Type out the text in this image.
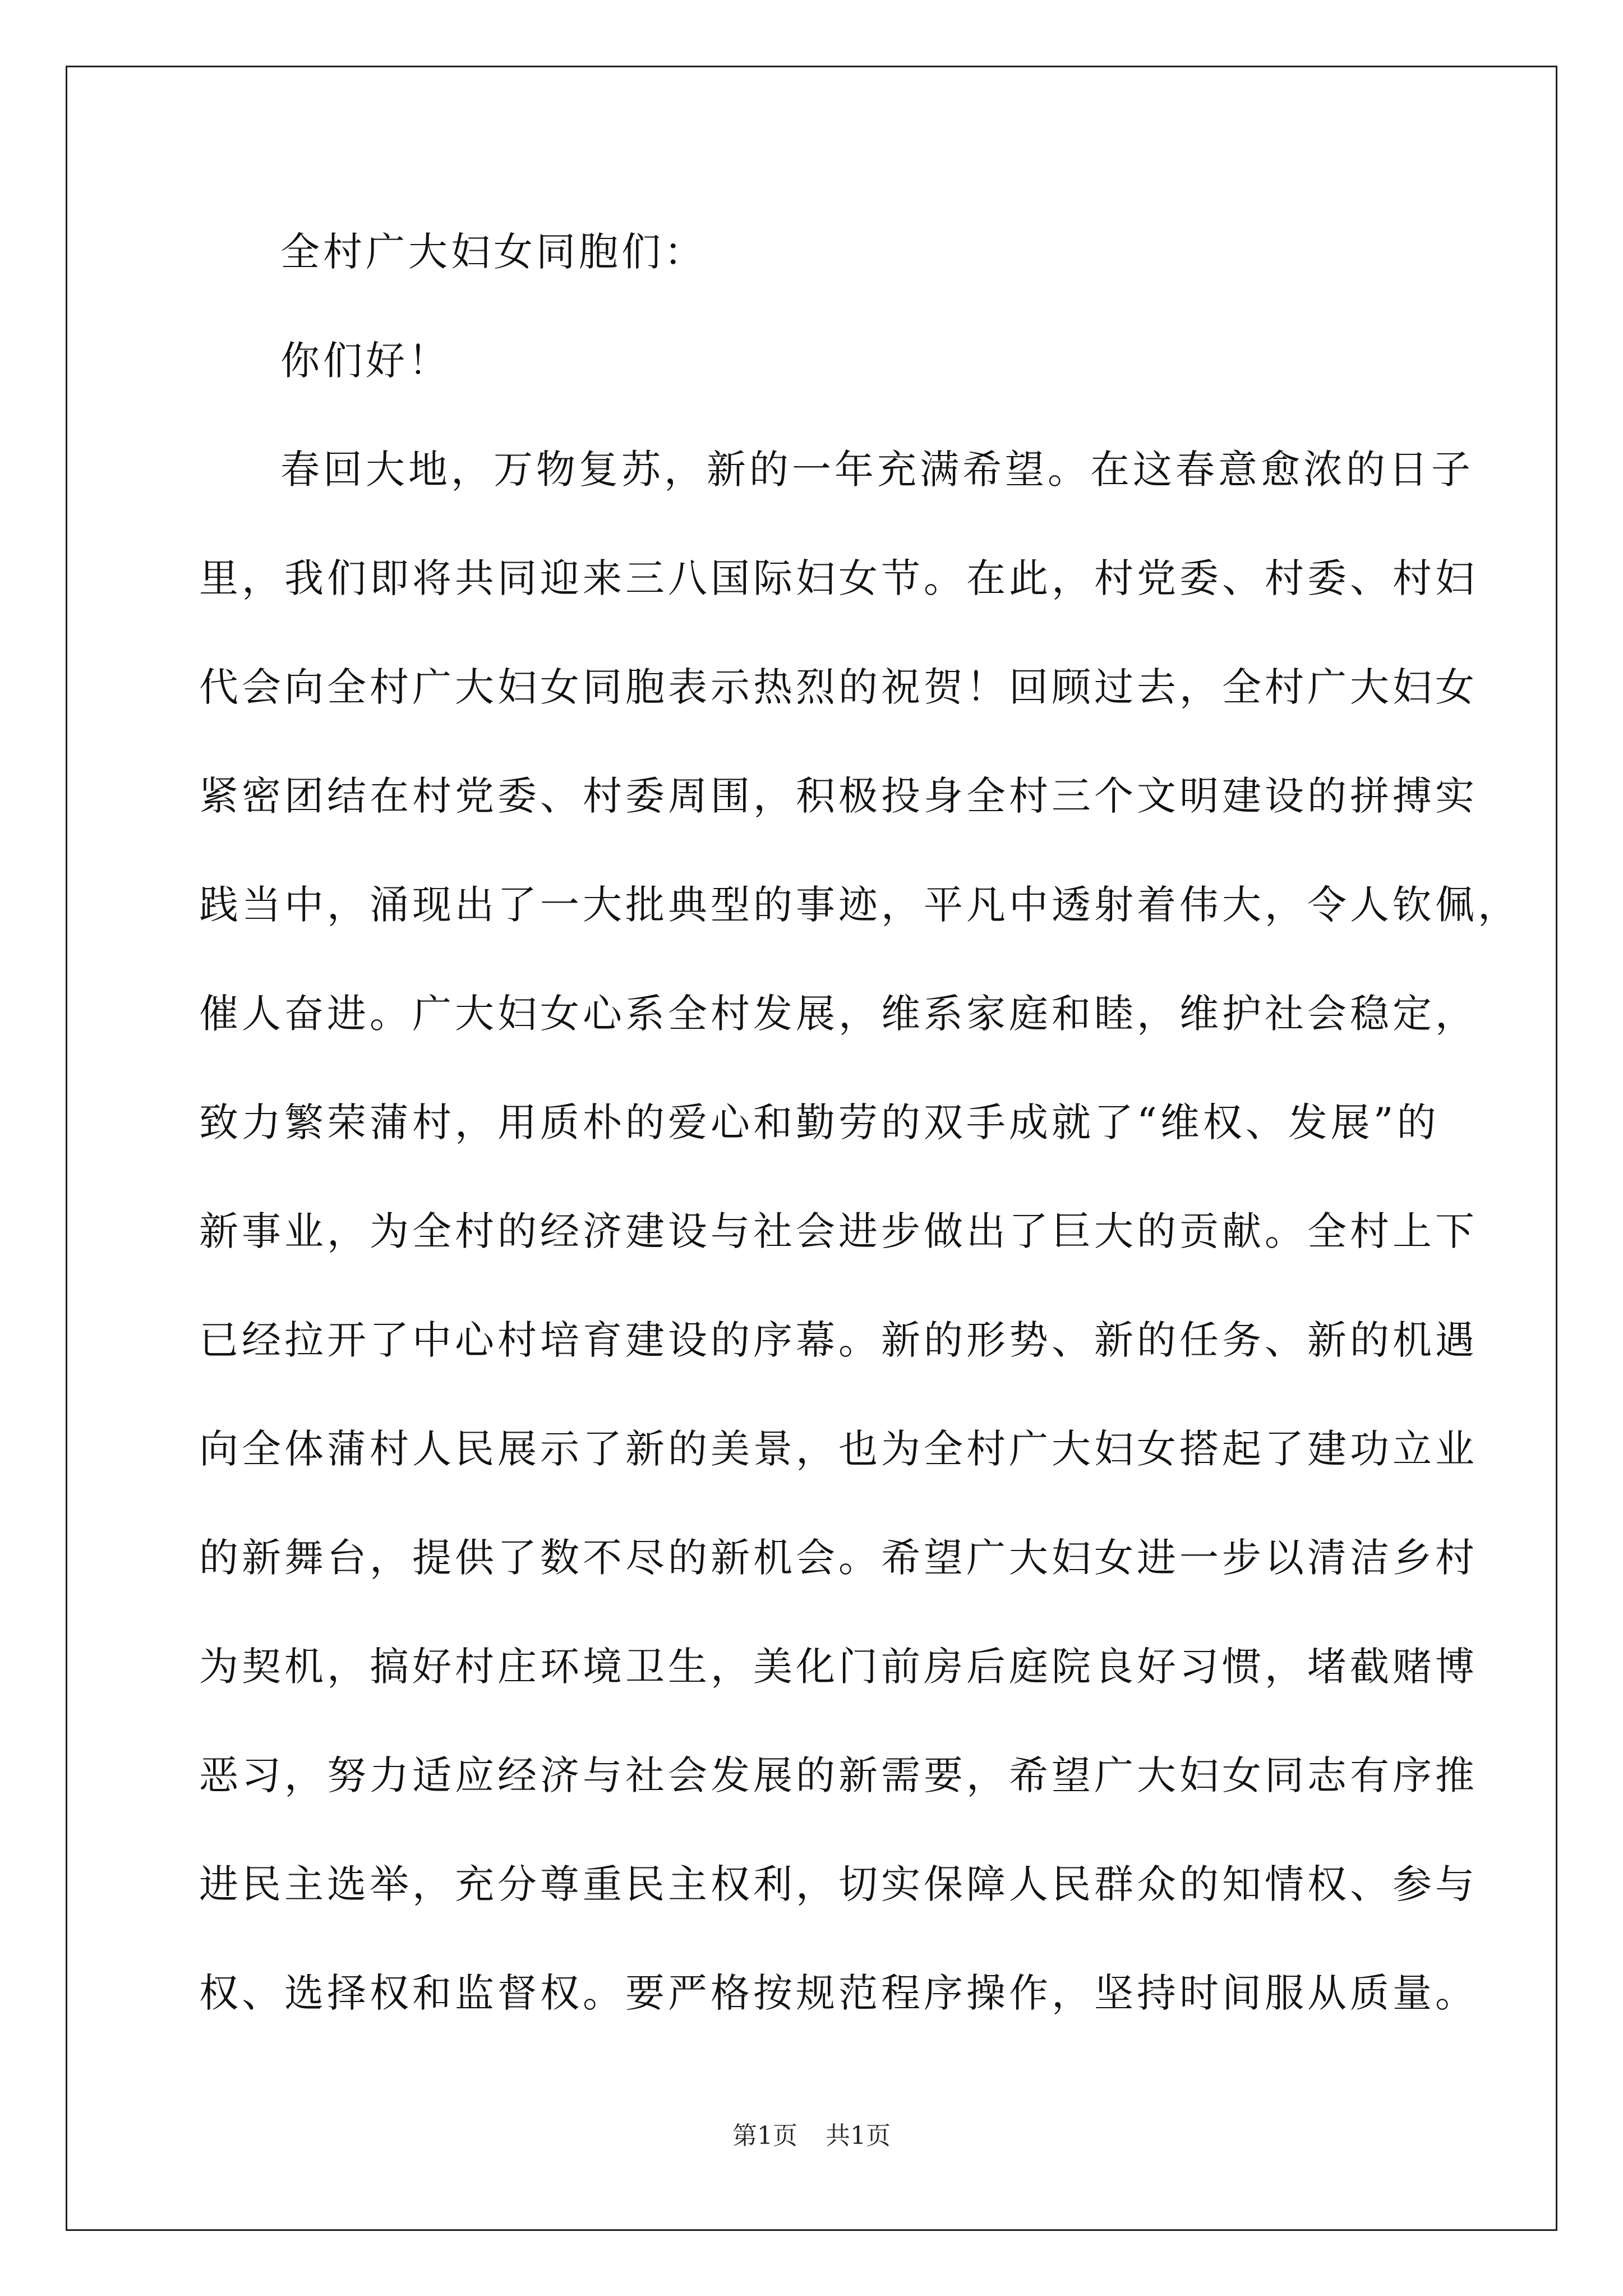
全村广大妇女同胞们：
你们好！
春回大地，万物复苏，新的一年充满希望。在这春意愈浓的日子
里，我们即将共同迎来三八国际妇女节。在此，村党委、村委、村妇
代会向全村广大妇女同胞表示热烈的祝贺！回顾过去，全村广大妇女
紧密团结在村党委、村委周围，积极投身全村三个文明建设的拼搏实
践当中，涌现出了一大批典型的事迹，平凡中透射着伟大，令人钦佩，
催人奋进。广大妇女心系全村发展，维系家庭和睦，维护社会稳定，
致力繁荣蒲村，用质朴的爱心和勤劳的双手成就了“维权、发展”的
新事业，为全村的经济建设与社会进步做出了巨大的贡献。全村上下
已经拉开了中心村培育建设的序幕。新的形势、新的任务、新的机遇
向全体蒲村人民展示了新的美景，也为全村广大妇女搭起了建功立业
的新舞台，提供了数不尽的新机会。希望广大妇女进一步以清洁乡村
为契机，搞好村庄环境卫生，美化门前房后庭院良好习惯，堵截赌博
恶习，努力适应经济与社会发展的新需要，希望广大妇女同志有序推
进民主选举，充分尊重民主权利，切实保障人民群众的知情权、参与
权、选择权和监督权。要严格按规范程序操作，坚持时间服从质量。
第1页 共1页
